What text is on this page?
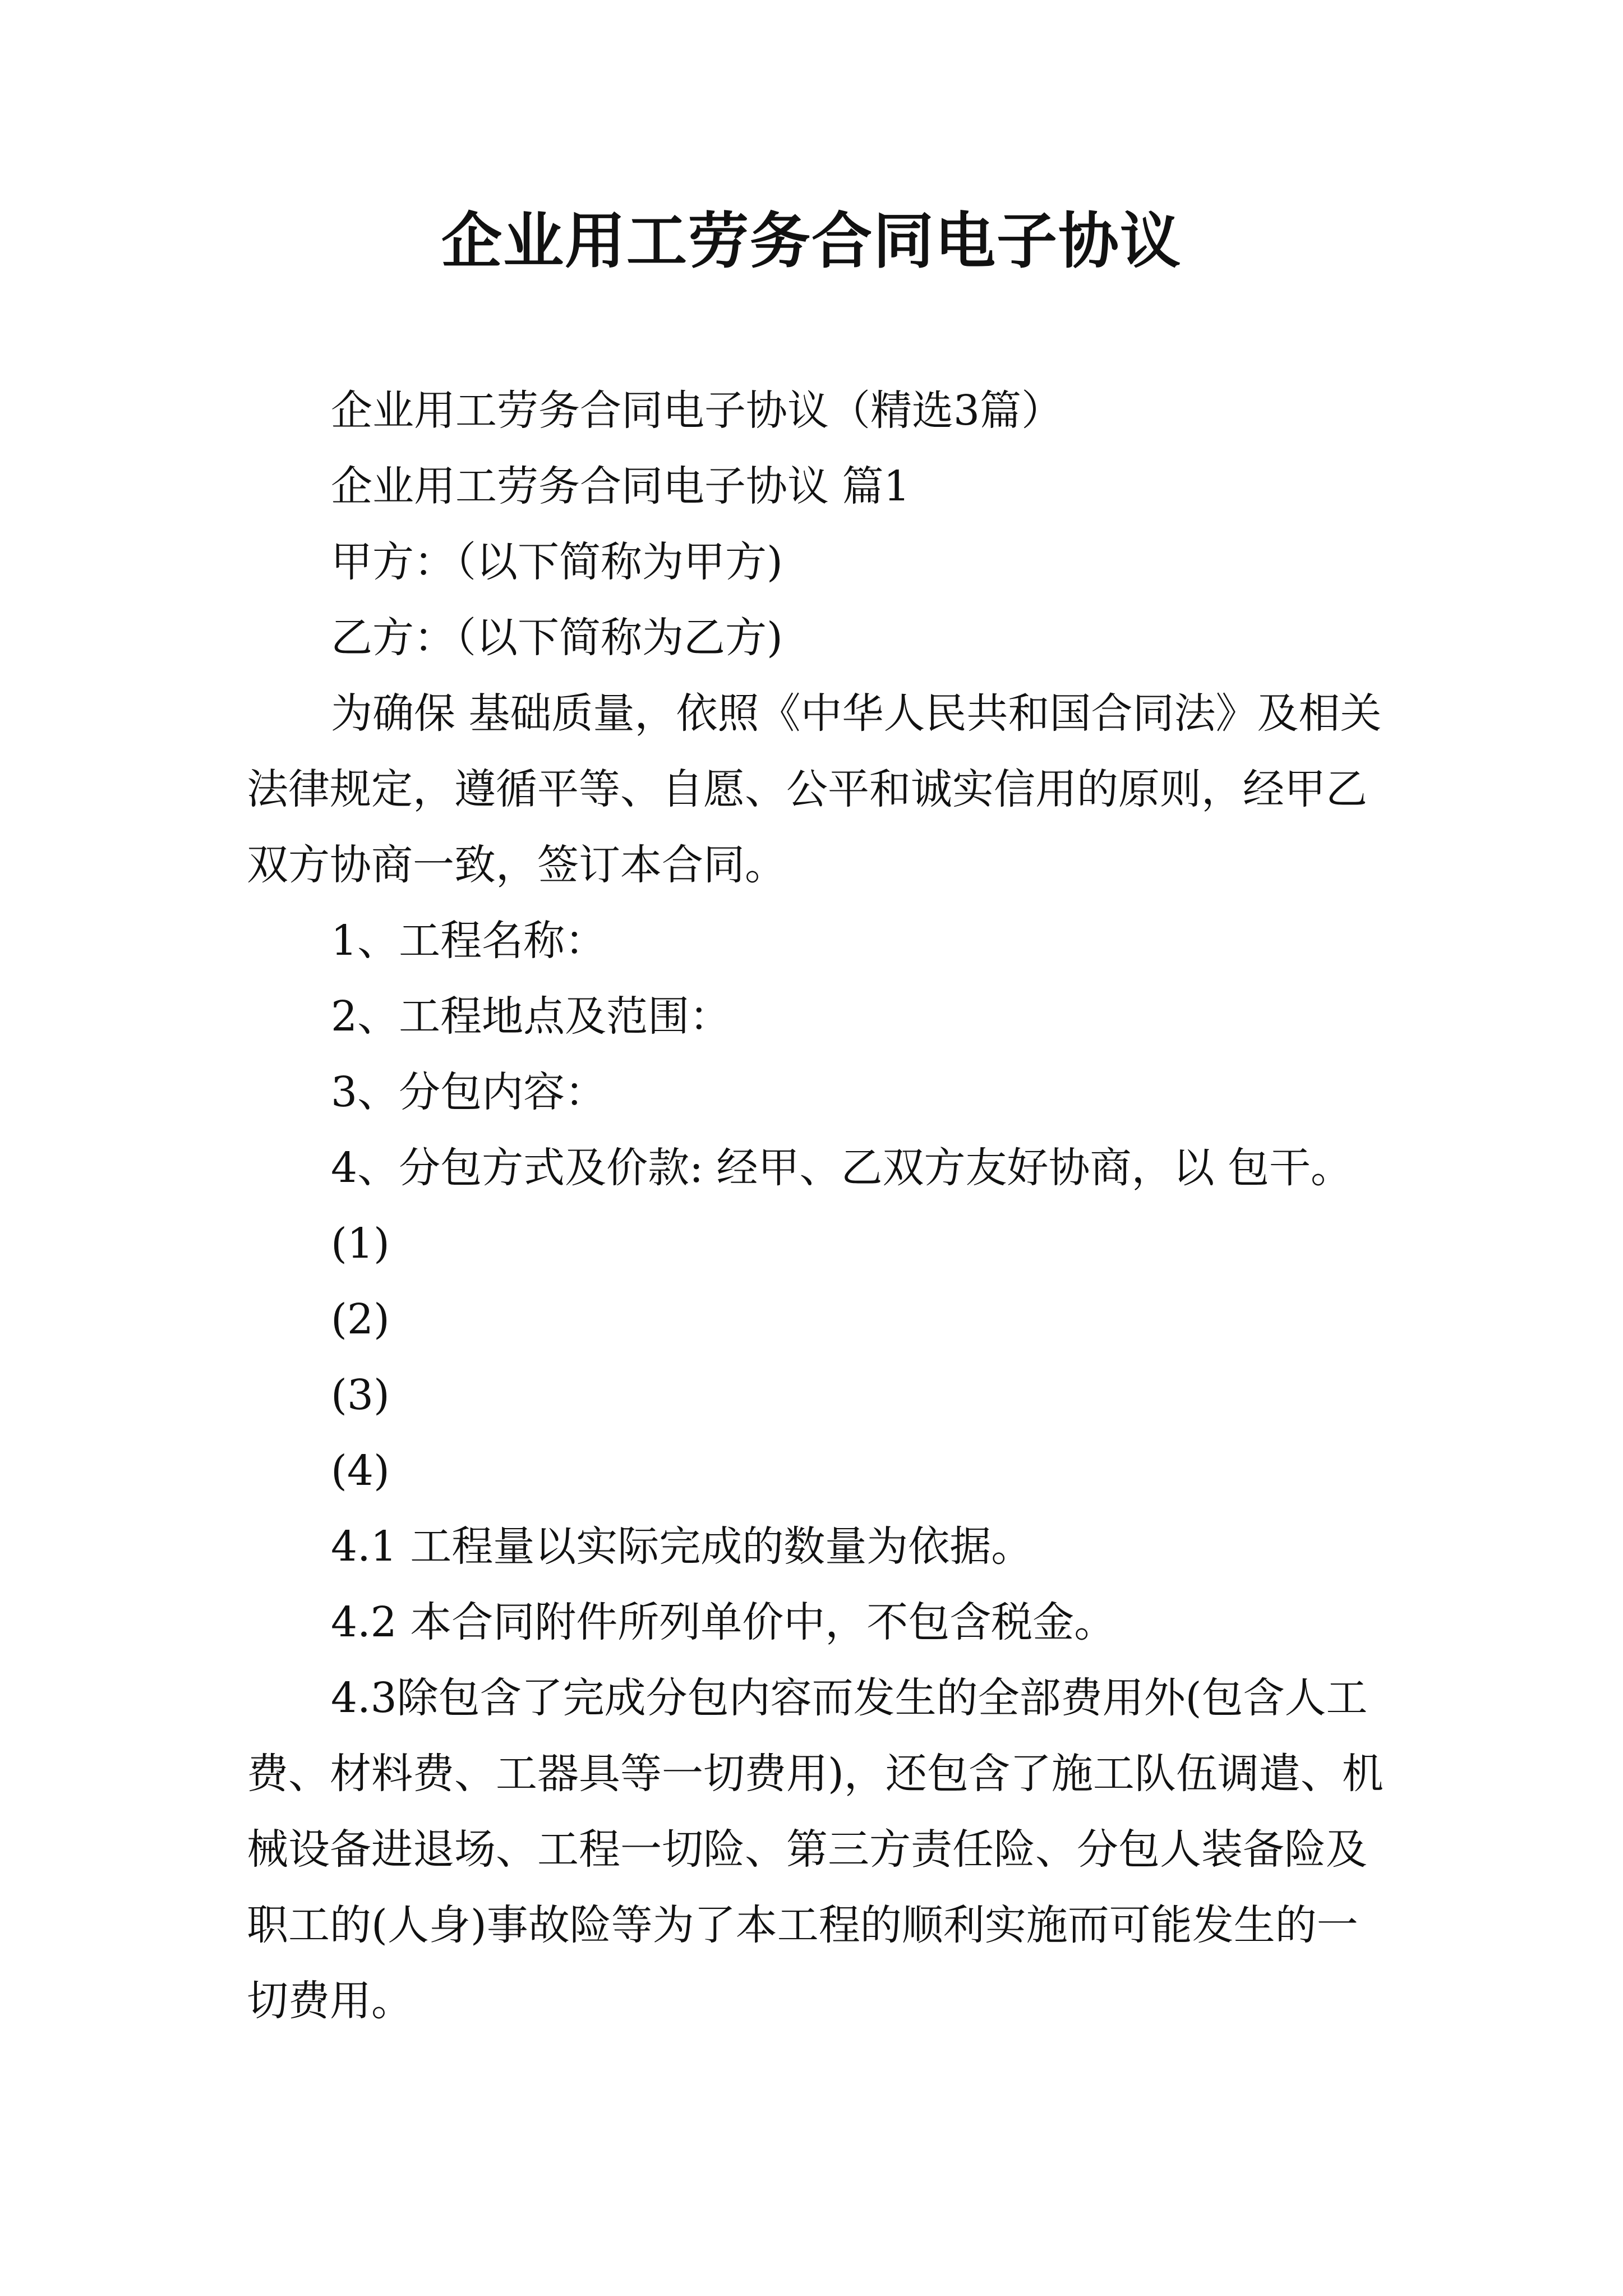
企业用工劳务合同电子协议

企业用工劳务合同电子协议（精选3篇）

企业用工劳务合同电子协议 篇1

甲方：（以下简称为甲方)

乙方：（以下简称为乙方)

为确保 基础质量，依照《中华人民共和国合同法》及相关法律规定，遵循平等、自愿、公平和诚实信用的原则，经甲乙双方协商一致，签订本合同。

1、工程名称：

2、工程地点及范围：

3、分包内容：

4、分包方式及价款: 经甲、乙双方友好协商，以 包干。

(1)

(2)

(3)

(4)

4.1 工程量以实际完成的数量为依据。

4.2 本合同附件所列单价中，不包含税金。

4.3除包含了完成分包内容而发生的全部费用外(包含人工费、材料费、工器具等一切费用)，还包含了施工队伍调遣、机械设备进退场、工程一切险、第三方责任险、分包人装备险及职工的(人身)事故险等为了本工程的顺利实施而可能发生的一切费用。
